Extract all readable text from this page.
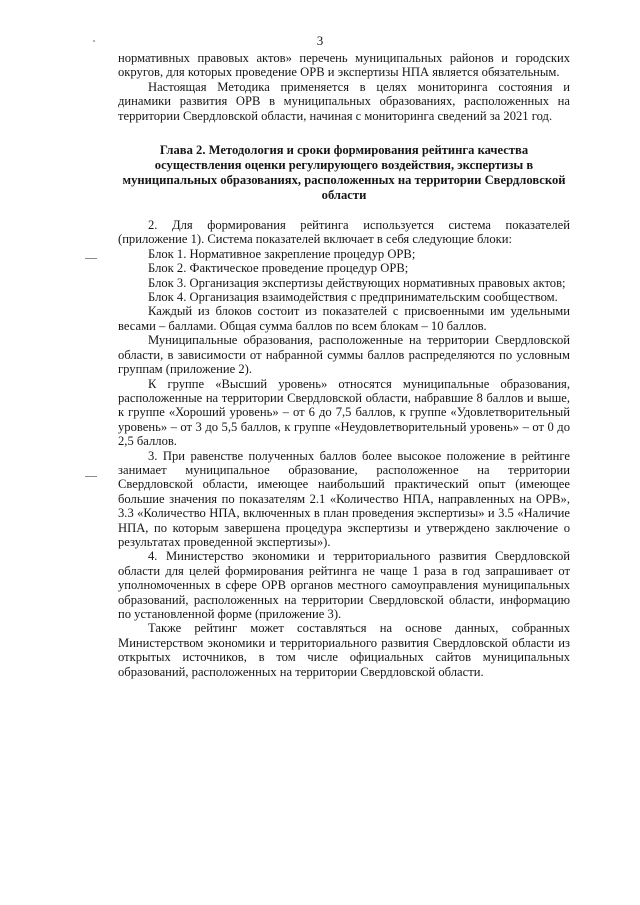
3

нормативных правовых актов» перечень муниципальных районов и городских округов, для которых проведение ОРВ и экспертизы НПА является обязательным.

Настоящая Методика применяется в целях мониторинга состояния и динамики развития ОРВ в муниципальных образованиях, расположенных на территории Свердловской области, начиная с мониторинга сведений за 2021 год.

Глава 2. Методология и сроки формирования рейтинга качества осуществления оценки регулирующего воздействия, экспертизы в муниципальных образованиях, расположенных на территории Свердловской области

2. Для формирования рейтинга используется система показателей (приложение 1). Система показателей включает в себя следующие блоки:

Блок 1. Нормативное закрепление процедур ОРВ;

Блок 2. Фактическое проведение процедур ОРВ;

Блок 3. Организация экспертизы действующих нормативных правовых актов;

Блок 4. Организация взаимодействия с предпринимательским сообществом.

Каждый из блоков состоит из показателей с присвоенными им удельными весами – баллами. Общая сумма баллов по всем блокам – 10 баллов.

Муниципальные образования, расположенные на территории Свердловской области, в зависимости от набранной суммы баллов распределяются по условным группам (приложение 2).

К группе «Высший уровень» относятся муниципальные образования, расположенные на территории Свердловской области, набравшие 8 баллов и выше, к группе «Хороший уровень» – от 6 до 7,5 баллов, к группе «Удовлетворительный уровень» – от 3 до 5,5 баллов, к группе «Неудовлетворительный уровень» – от 0 до 2,5 баллов.

3. При равенстве полученных баллов более высокое положение в рейтинге занимает муниципальное образование, расположенное на территории Свердловской области, имеющее наибольший практический опыт (имеющее большие значения по показателям 2.1 «Количество НПА, направленных на ОРВ», 3.3 «Количество НПА, включенных в план проведения экспертизы» и 3.5 «Наличие НПА, по которым завершена процедура экспертизы и утверждено заключение о результатах проведенной экспертизы»).

4. Министерство экономики и территориального развития Свердловской области для целей формирования рейтинга не чаще 1 раза в год запрашивает от уполномоченных в сфере ОРВ органов местного самоуправления муниципальных образований, расположенных на территории Свердловской области, информацию по установленной форме (приложение 3).

Также рейтинг может составляться на основе данных, собранных Министерством экономики и территориального развития Свердловской области из открытых источников, в том числе официальных сайтов муниципальных образований, расположенных на территории Свердловской области.
